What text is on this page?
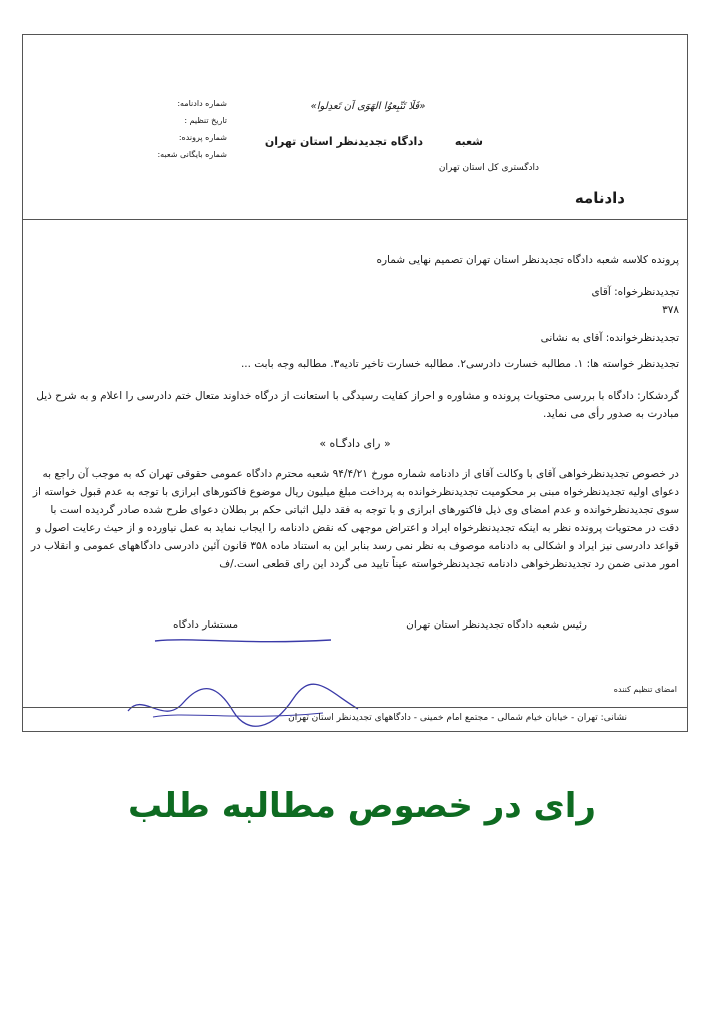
شماره دادنامه:
تاریخ تنظیم :
شماره پرونده:
شماره بایگانی شعبه:
«فَلَا تَتّبِعوُا الهَوَی اَن تَعدِلوا»
شعبه دادگاه تجدیدنظر استان تهران
دادگستری کل استان تهران
دادنامه
پرونده کلاسه شعبه دادگاه تجدیدنظر استان تهران تصمیم نهایی شماره
تجدیدنظرخواه: آقای
۳۷۸
تجدیدنظرخوانده: آقای به نشانی
تجدیدنظر خواسته ها: ۱. مطالبه خسارت دادرسی۲. مطالبه خسارت تاخیر تادیه۳. مطالبه وجه بابت ...
گردشکار: دادگاه با بررسی محتویات پرونده و مشاوره و احراز کفایت رسیدگی با استعانت از درگاه خداوند متعال ختم دادرسی را اعلام و به شرح ذیل مبادرت به صدور رأی می نماید.
« رای دادگـاه »
در خصوص تجدیدنظرخواهی آقای با وکالت آقای از دادنامه شماره مورخ ۹۴/۴/۲۱ شعبه محترم دادگاه عمومی حقوقی تهران که به موجب آن راجع به دعوای اولیه تجدیدنظرخواه مبنی بر محکومیت تجدیدنظرخوانده به پرداخت مبلغ میلیون ریال موضوع فاکتورهای ابرازی با توجه به عدم قبول خواسته از سوی تجدیدنظرخوانده و عدم امضای وی ذیل فاکتورهای ابرازی و با توجه به فقد دلیل اثباتی حکم بر بطلان دعوای طرح شده صادر گردیده است با دقت در محتویات پرونده نظر به اینکه تجدیدنظرخواه ایراد و اعتراض موجهی که نقض دادنامه را ایجاب نماید به عمل نیاورده و از حیث رعایت اصول و قواعد دادرسی نیز ایراد و اشکالی به دادنامه موصوف به نظر نمی رسد بنابر این به استناد ماده ۳۵۸ قانون آئین دادرسی دادگاههای عمومی و انقلاب در امور مدنی ضمن رد تجدیدنظرخواهی دادنامه تجدیدنظرخواسته عیناً تایید می گردد این رای قطعی است./ف
رئیس شعبه دادگاه تجدیدنظر استان تهران
مستشار دادگاه
امضای تنظیم کننده
نشانی: تهران - خیابان خیام شمالی - مجتمع امام خمینی - دادگاههای تجدیدنظر استان تهران
رای در خصوص مطالبه طلب
